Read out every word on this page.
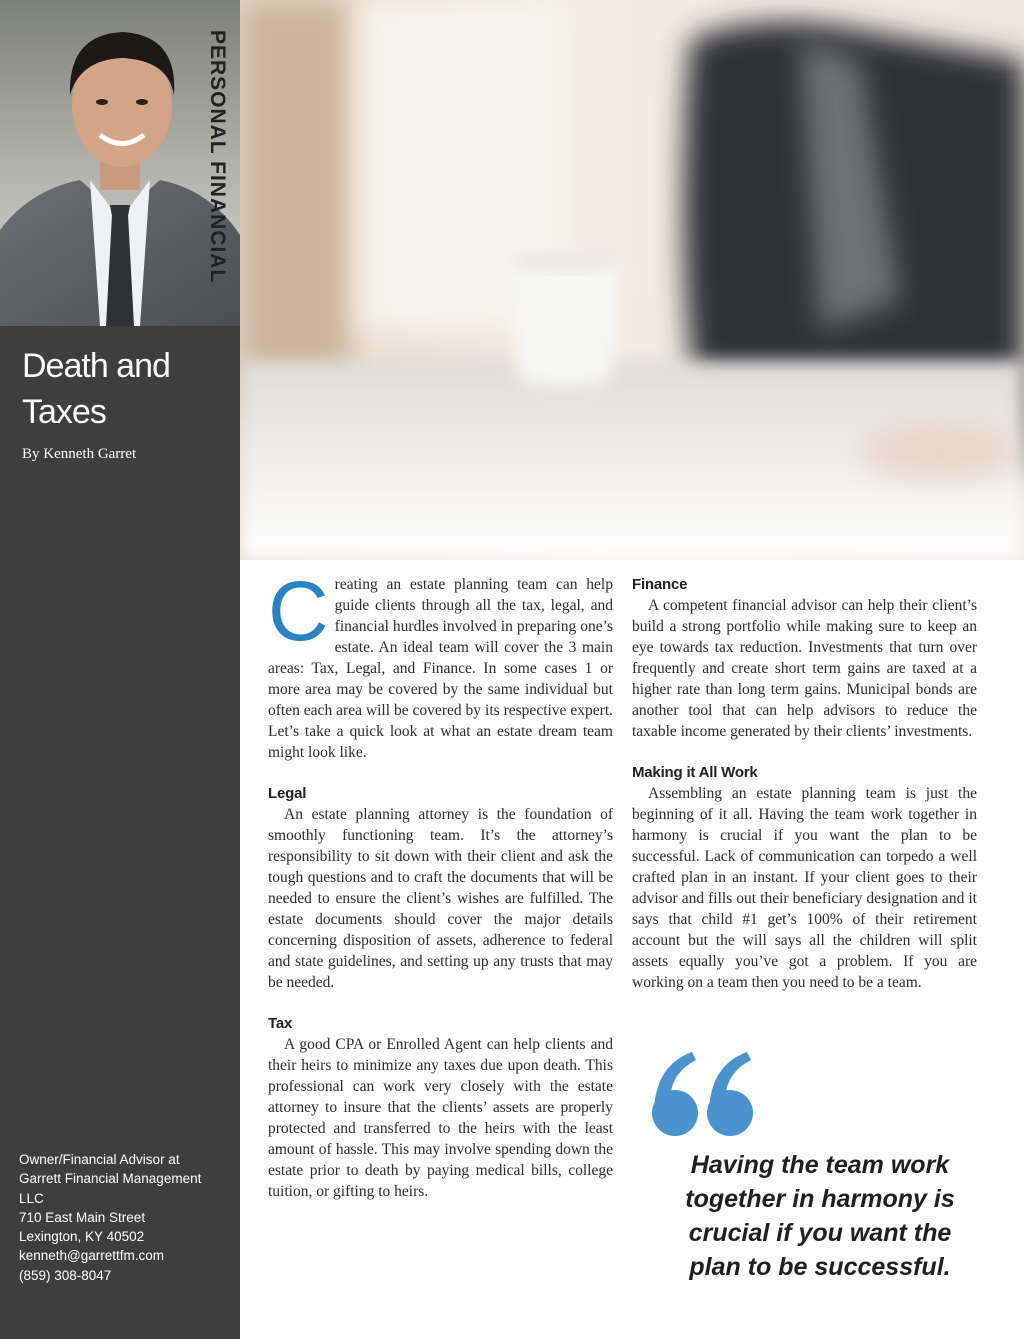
Death and Taxes
By Kenneth Garret
Owner/Financial Advisor at
Garrett Financial Management
LLC
710 East Main Street
Lexington, KY 40502
kenneth@garrettfm.com
(859) 308-8047
PERSONAL FINANCIAL

Creating an estate planning team can help guide clients through all the tax, legal, and financial hurdles involved in preparing one’s estate. An ideal team will cover the 3 main areas: Tax, Legal, and Finance. In some cases 1 or more area may be covered by the same individual but often each area will be covered by its respective expert. Let’s take a quick look at what an estate dream team might look like.

Legal

An estate planning attorney is the foundation of smoothly functioning team. It’s the attorney’s responsibility to sit down with their client and ask the tough questions and to craft the documents that will be needed to ensure the client’s wishes are fulfilled. The estate documents should cover the major details concerning disposition of assets, adherence to federal and state guidelines, and setting up any trusts that may be needed.

Tax

A good CPA or Enrolled Agent can help clients and their heirs to minimize any taxes due upon death. This professional can work very closely with the estate attorney to insure that the clients’ assets are properly protected and transferred to the heirs with the least amount of hassle. This may involve spending down the estate prior to death by paying medical bills, college tuition, or gifting to heirs.

Finance

A competent financial advisor can help their client’s build a strong portfolio while making sure to keep an eye towards tax reduction. Investments that turn over frequently and create short term gains are taxed at a higher rate than long term gains. Municipal bonds are another tool that can help advisors to reduce the taxable income generated by their clients’ investments.

Making it All Work

Assembling an estate planning team is just the beginning of it all. Having the team work together in harmony is crucial if you want the plan to be successful. Lack of communication can torpedo a well crafted plan in an instant. If your client goes to their advisor and fills out their beneficiary designation and it says that child #1 get’s 100% of their retirement account but the will says all the children will split assets equally you’ve got a problem. If you are working on a team then you need to be a team.

Having the team work together in harmony is crucial if you want the plan to be successful.
